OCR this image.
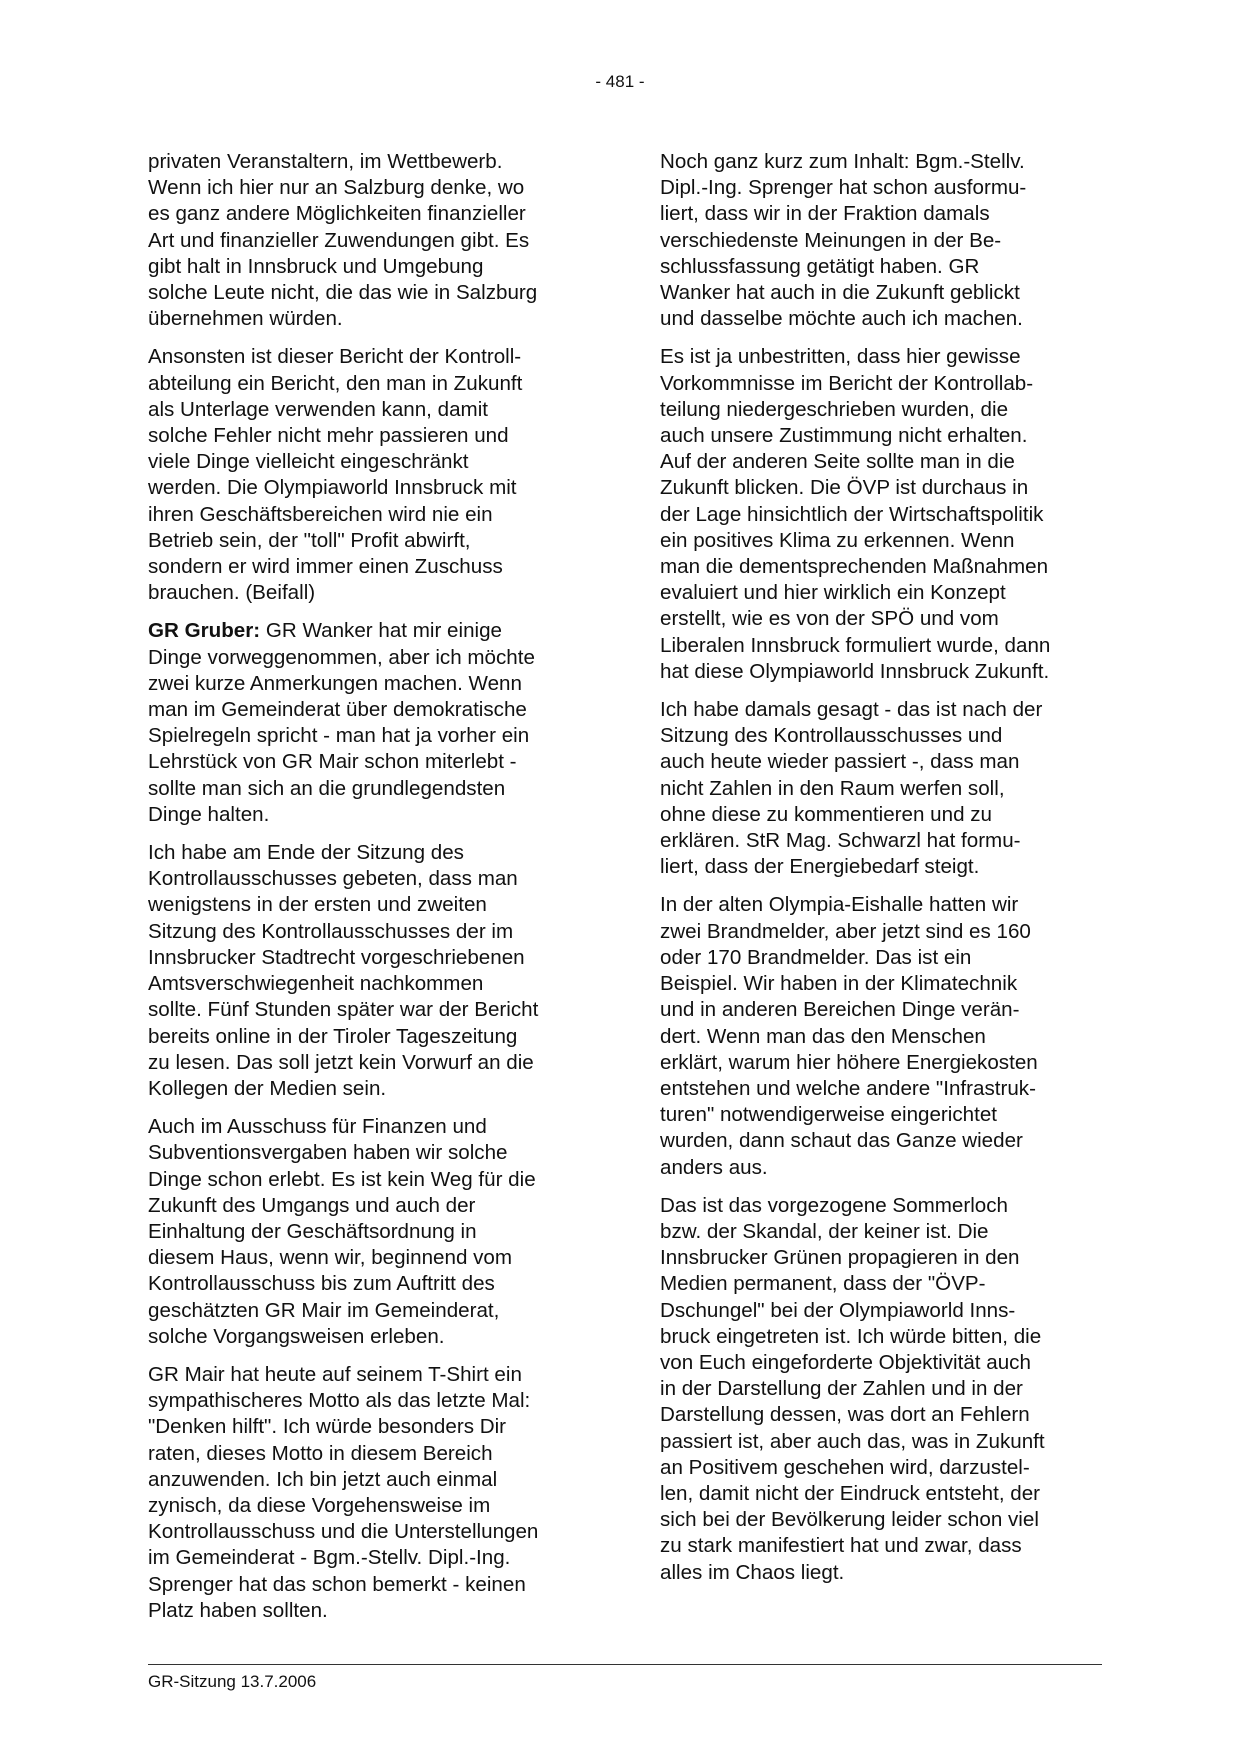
- 481 -

privaten Veranstaltern, im Wettbewerb.
Wenn ich hier nur an Salzburg denke, wo
es ganz andere Möglichkeiten finanzieller
Art und finanzieller Zuwendungen gibt. Es
gibt halt in Innsbruck und Umgebung
solche Leute nicht, die das wie in Salzburg
übernehmen würden.

Ansonsten ist dieser Bericht der Kontroll-
abteilung ein Bericht, den man in Zukunft
als Unterlage verwenden kann, damit
solche Fehler nicht mehr passieren und
viele Dinge vielleicht eingeschränkt
werden. Die Olympiaworld Innsbruck mit
ihren Geschäftsbereichen wird nie ein
Betrieb sein, der "toll" Profit abwirft,
sondern er wird immer einen Zuschuss
brauchen. (Beifall)

GR Gruber: GR Wanker hat mir einige
Dinge vorweggenommen, aber ich möchte
zwei kurze Anmerkungen machen. Wenn
man im Gemeinderat über demokratische
Spielregeln spricht - man hat ja vorher ein
Lehrstück von GR Mair schon miterlebt -
sollte man sich an die grundlegendsten
Dinge halten.

Ich habe am Ende der Sitzung des
Kontrollausschusses gebeten, dass man
wenigstens in der ersten und zweiten
Sitzung des Kontrollausschusses der im
Innsbrucker Stadtrecht vorgeschriebenen
Amtsverschwiegenheit nachkommen
sollte. Fünf Stunden später war der Bericht
bereits online in der Tiroler Tageszeitung
zu lesen. Das soll jetzt kein Vorwurf an die
Kollegen der Medien sein.

Auch im Ausschuss für Finanzen und
Subventionsvergaben haben wir solche
Dinge schon erlebt. Es ist kein Weg für die
Zukunft des Umgangs und auch der
Einhaltung der Geschäftsordnung in
diesem Haus, wenn wir, beginnend vom
Kontrollausschuss bis zum Auftritt des
geschätzten GR Mair im Gemeinderat,
solche Vorgangsweisen erleben.

GR Mair hat heute auf seinem T-Shirt ein
sympathischeres Motto als das letzte Mal:
"Denken hilft". Ich würde besonders Dir
raten, dieses Motto in diesem Bereich
anzuwenden. Ich bin jetzt auch einmal
zynisch, da diese Vorgehensweise im
Kontrollausschuss und die Unterstellungen
im Gemeinderat - Bgm.-Stellv. Dipl.-Ing.
Sprenger hat das schon bemerkt - keinen
Platz haben sollten.

Noch ganz kurz zum Inhalt: Bgm.-Stellv.
Dipl.-Ing. Sprenger hat schon ausformu-
liert, dass wir in der Fraktion damals
verschiedenste Meinungen in der Be-
schlussfassung getätigt haben. GR
Wanker hat auch in die Zukunft geblickt
und dasselbe möchte auch ich machen.

Es ist ja unbestritten, dass hier gewisse
Vorkommnisse im Bericht der Kontrollab-
teilung niedergeschrieben wurden, die
auch unsere Zustimmung nicht erhalten.
Auf der anderen Seite sollte man in die
Zukunft blicken. Die ÖVP ist durchaus in
der Lage hinsichtlich der Wirtschaftspolitik
ein positives Klima zu erkennen. Wenn
man die dementsprechenden Maßnahmen
evaluiert und hier wirklich ein Konzept
erstellt, wie es von der SPÖ und vom
Liberalen Innsbruck formuliert wurde, dann
hat diese Olympiaworld Innsbruck Zukunft.

Ich habe damals gesagt - das ist nach der
Sitzung des Kontrollausschusses und
auch heute wieder passiert -, dass man
nicht Zahlen in den Raum werfen soll,
ohne diese zu kommentieren und zu
erklären. StR Mag. Schwarzl hat formu-
liert, dass der Energiebedarf steigt.

In der alten Olympia-Eishalle hatten wir
zwei Brandmelder, aber jetzt sind es 160
oder 170 Brandmelder. Das ist ein
Beispiel. Wir haben in der Klimatechnik
und in anderen Bereichen Dinge verän-
dert. Wenn man das den Menschen
erklärt, warum hier höhere Energiekosten
entstehen und welche andere "Infrastruk-
turen" notwendigerweise eingerichtet
wurden, dann schaut das Ganze wieder
anders aus.

Das ist das vorgezogene Sommerloch
bzw. der Skandal, der keiner ist. Die
Innsbrucker Grünen propagieren in den
Medien permanent, dass der "ÖVP-
Dschungel" bei der Olympiaworld Inns-
bruck eingetreten ist. Ich würde bitten, die
von Euch eingeforderte Objektivität auch
in der Darstellung der Zahlen und in der
Darstellung dessen, was dort an Fehlern
passiert ist, aber auch das, was in Zukunft
an Positivem geschehen wird, darzustel-
len, damit nicht der Eindruck entsteht, der
sich bei der Bevölkerung leider schon viel
zu stark manifestiert hat und zwar, dass
alles im Chaos liegt.

GR-Sitzung 13.7.2006
